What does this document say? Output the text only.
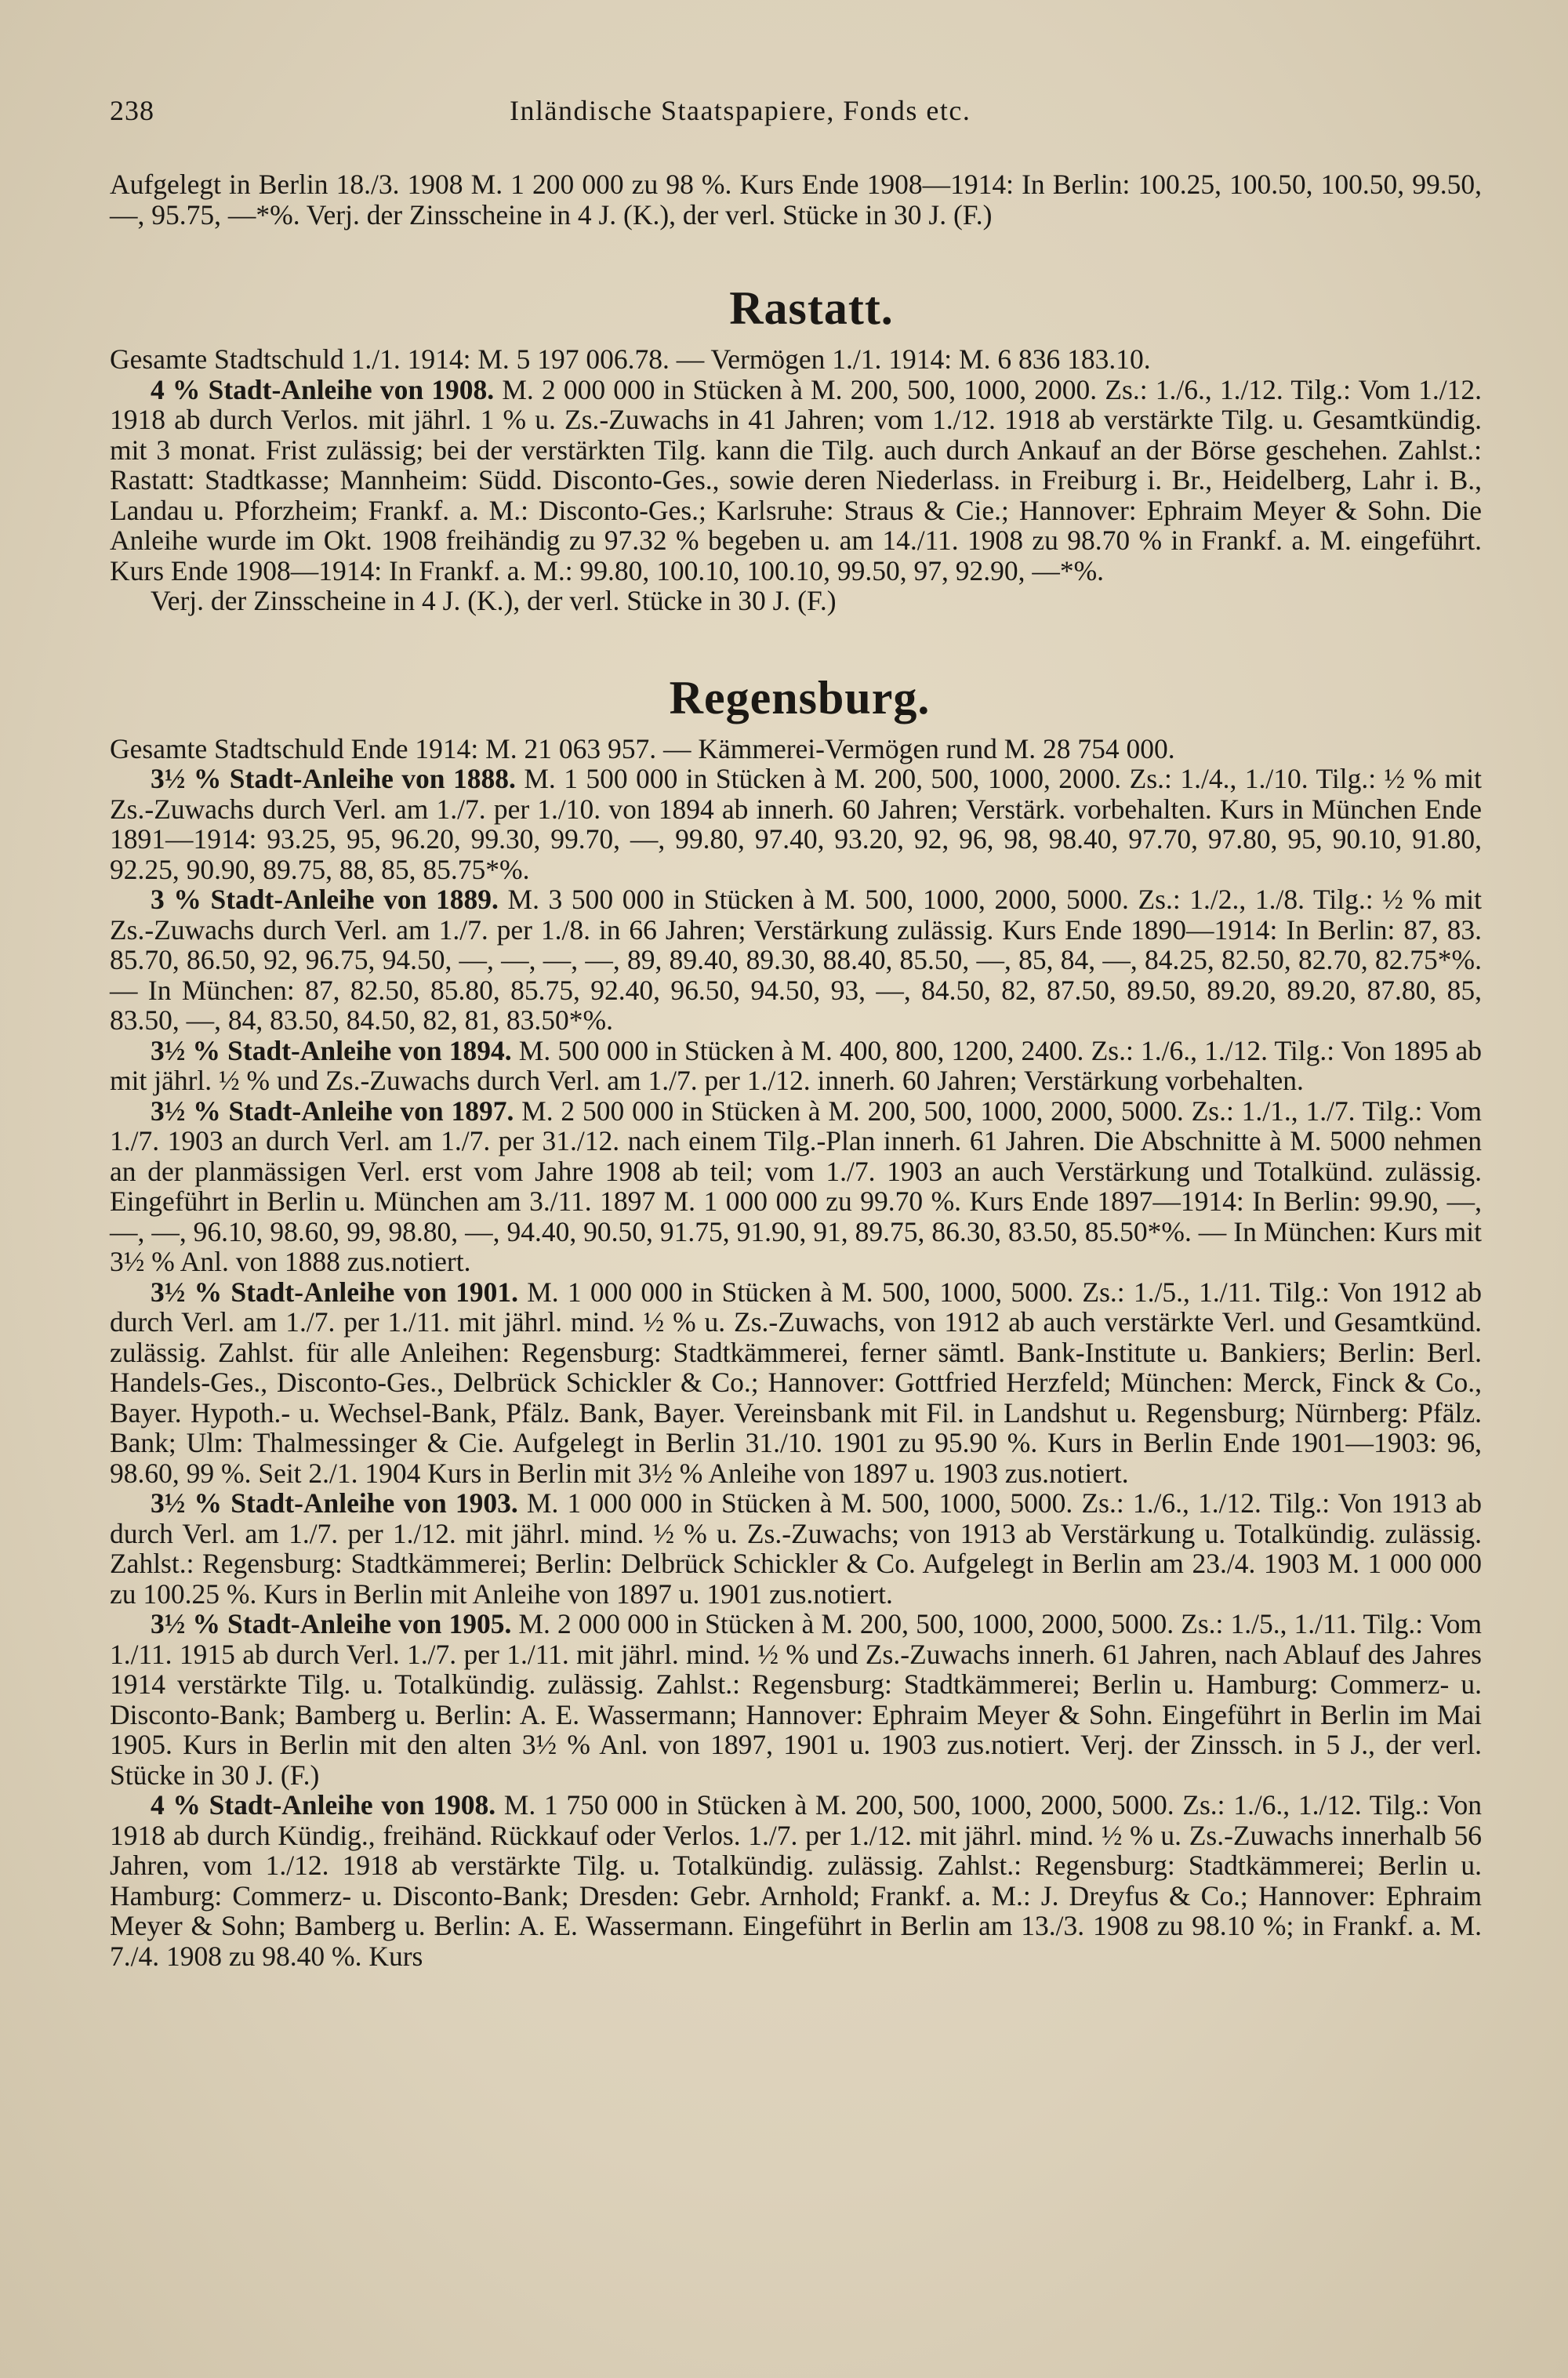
238	Inländische Staatspapiere, Fonds etc.

Aufgelegt in Berlin 18./3. 1908 M. 1 200 000 zu 98 %. Kurs Ende 1908—1914: In Berlin: 100.25, 100.50, 100.50, 99.50, —, 95.75, —*%. Verj. der Zinsscheine in 4 J. (K.), der verl. Stücke in 30 J. (F.)

Rastatt.

Gesamte Stadtschuld 1./1. 1914: M. 5 197 006.78. — Vermögen 1./1. 1914: M. 6 836 183.10.

4 % Stadt-Anleihe von 1908. M. 2 000 000 in Stücken à M. 200, 500, 1000, 2000. Zs.: 1./6., 1./12. Tilg.: Vom 1./12. 1918 ab durch Verlos. mit jährl. 1 % u. Zs.-Zuwachs in 41 Jahren; vom 1./12. 1918 ab verstärkte Tilg. u. Gesamtkündig. mit 3 monat. Frist zulässig; bei der verstärkten Tilg. kann die Tilg. auch durch Ankauf an der Börse geschehen. Zahlst.: Rastatt: Stadtkasse; Mannheim: Südd. Disconto-Ges., sowie deren Niederlass. in Freiburg i. Br., Heidelberg, Lahr i. B., Landau u. Pforzheim; Frankf. a. M.: Disconto-Ges.; Karlsruhe: Straus & Cie.; Hannover: Ephraim Meyer & Sohn. Die Anleihe wurde im Okt. 1908 freihändig zu 97.32 % begeben u. am 14./11. 1908 zu 98.70 % in Frankf. a. M. eingeführt. Kurs Ende 1908—1914: In Frankf. a. M.: 99.80, 100.10, 100.10, 99.50, 97, 92.90, —*%.

Verj. der Zinsscheine in 4 J. (K.), der verl. Stücke in 30 J. (F.)

Regensburg.

Gesamte Stadtschuld Ende 1914: M. 21 063 957. — Kämmerei-Vermögen rund M. 28 754 000.

3½ % Stadt-Anleihe von 1888. M. 1 500 000 in Stücken à M. 200, 500, 1000, 2000. Zs.: 1./4., 1./10. Tilg.: ½ % mit Zs.-Zuwachs durch Verl. am 1./7. per 1./10. von 1894 ab innerh. 60 Jahren; Verstärk. vorbehalten. Kurs in München Ende 1891—1914: 93.25, 95, 96.20, 99.30, 99.70, —, 99.80, 97.40, 93.20, 92, 96, 98, 98.40, 97.70, 97.80, 95, 90.10, 91.80, 92.25, 90.90, 89.75, 88, 85, 85.75*%.

3 % Stadt-Anleihe von 1889. M. 3 500 000 in Stücken à M. 500, 1000, 2000, 5000. Zs.: 1./2., 1./8. Tilg.: ½ % mit Zs.-Zuwachs durch Verl. am 1./7. per 1./8. in 66 Jahren; Verstärkung zulässig. Kurs Ende 1890—1914: In Berlin: 87, 83. 85.70, 86.50, 92, 96.75, 94.50, —, —, —, —, 89, 89.40, 89.30, 88.40, 85.50, —, 85, 84, —, 84.25, 82.50, 82.70, 82.75*%. — In München: 87, 82.50, 85.80, 85.75, 92.40, 96.50, 94.50, 93, —, 84.50, 82, 87.50, 89.50, 89.20, 89.20, 87.80, 85, 83.50, —, 84, 83.50, 84.50, 82, 81, 83.50*%.

3½ % Stadt-Anleihe von 1894. M. 500 000 in Stücken à M. 400, 800, 1200, 2400. Zs.: 1./6., 1./12. Tilg.: Von 1895 ab mit jährl. ½ % und Zs.-Zuwachs durch Verl. am 1./7. per 1./12. innerh. 60 Jahren; Verstärkung vorbehalten.

3½ % Stadt-Anleihe von 1897. M. 2 500 000 in Stücken à M. 200, 500, 1000, 2000, 5000. Zs.: 1./1., 1./7. Tilg.: Vom 1./7. 1903 an durch Verl. am 1./7. per 31./12. nach einem Tilg.-Plan innerh. 61 Jahren. Die Abschnitte à M. 5000 nehmen an der planmässigen Verl. erst vom Jahre 1908 ab teil; vom 1./7. 1903 an auch Verstärkung und Totalkünd. zulässig. Eingeführt in Berlin u. München am 3./11. 1897 M. 1 000 000 zu 99.70 %. Kurs Ende 1897—1914: In Berlin: 99.90, —, —, —, 96.10, 98.60, 99, 98.80, —, 94.40, 90.50, 91.75, 91.90, 91, 89.75, 86.30, 83.50, 85.50*%. — In München: Kurs mit 3½ % Anl. von 1888 zus.notiert.

3½ % Stadt-Anleihe von 1901. M. 1 000 000 in Stücken à M. 500, 1000, 5000. Zs.: 1./5., 1./11. Tilg.: Von 1912 ab durch Verl. am 1./7. per 1./11. mit jährl. mind. ½ % u. Zs.-Zuwachs, von 1912 ab auch verstärkte Verl. und Gesamtkünd. zulässig. Zahlst. für alle Anleihen: Regensburg: Stadtkämmerei, ferner sämtl. Bank-Institute u. Bankiers; Berlin: Berl. Handels-Ges., Disconto-Ges., Delbrück Schickler & Co.; Hannover: Gottfried Herzfeld; München: Merck, Finck & Co., Bayer. Hypoth.- u. Wechsel-Bank, Pfälz. Bank, Bayer. Vereinsbank mit Fil. in Landshut u. Regensburg; Nürnberg: Pfälz. Bank; Ulm: Thalmessinger & Cie. Aufgelegt in Berlin 31./10. 1901 zu 95.90 %. Kurs in Berlin Ende 1901—1903: 96, 98.60, 99 %. Seit 2./1. 1904 Kurs in Berlin mit 3½ % Anleihe von 1897 u. 1903 zus.notiert.

3½ % Stadt-Anleihe von 1903. M. 1 000 000 in Stücken à M. 500, 1000, 5000. Zs.: 1./6., 1./12. Tilg.: Von 1913 ab durch Verl. am 1./7. per 1./12. mit jährl. mind. ½ % u. Zs.-Zuwachs; von 1913 ab Verstärkung u. Totalkündig. zulässig. Zahlst.: Regensburg: Stadtkämmerei; Berlin: Delbrück Schickler & Co. Aufgelegt in Berlin am 23./4. 1903 M. 1 000 000 zu 100.25 %. Kurs in Berlin mit Anleihe von 1897 u. 1901 zus.notiert.

3½ % Stadt-Anleihe von 1905. M. 2 000 000 in Stücken à M. 200, 500, 1000, 2000, 5000. Zs.: 1./5., 1./11. Tilg.: Vom 1./11. 1915 ab durch Verl. 1./7. per 1./11. mit jährl. mind. ½ % und Zs.-Zuwachs innerh. 61 Jahren, nach Ablauf des Jahres 1914 verstärkte Tilg. u. Totalkündig. zulässig. Zahlst.: Regensburg: Stadtkämmerei; Berlin u. Hamburg: Commerz- u. Disconto-Bank; Bamberg u. Berlin: A. E. Wassermann; Hannover: Ephraim Meyer & Sohn. Eingeführt in Berlin im Mai 1905. Kurs in Berlin mit den alten 3½ % Anl. von 1897, 1901 u. 1903 zus.notiert. Verj. der Zinssch. in 5 J., der verl. Stücke in 30 J. (F.)

4 % Stadt-Anleihe von 1908. M. 1 750 000 in Stücken à M. 200, 500, 1000, 2000, 5000. Zs.: 1./6., 1./12. Tilg.: Von 1918 ab durch Kündig., freihänd. Rückkauf oder Verlos. 1./7. per 1./12. mit jährl. mind. ½ % u. Zs.-Zuwachs innerhalb 56 Jahren, vom 1./12. 1918 ab verstärkte Tilg. u. Totalkündig. zulässig. Zahlst.: Regensburg: Stadtkämmerei; Berlin u. Hamburg: Commerz- u. Disconto-Bank; Dresden: Gebr. Arnhold; Frankf. a. M.: J. Dreyfus & Co.; Hannover: Ephraim Meyer & Sohn; Bamberg u. Berlin: A. E. Wassermann. Eingeführt in Berlin am 13./3. 1908 zu 98.10 %; in Frankf. a. M. 7./4. 1908 zu 98.40 %. Kurs
